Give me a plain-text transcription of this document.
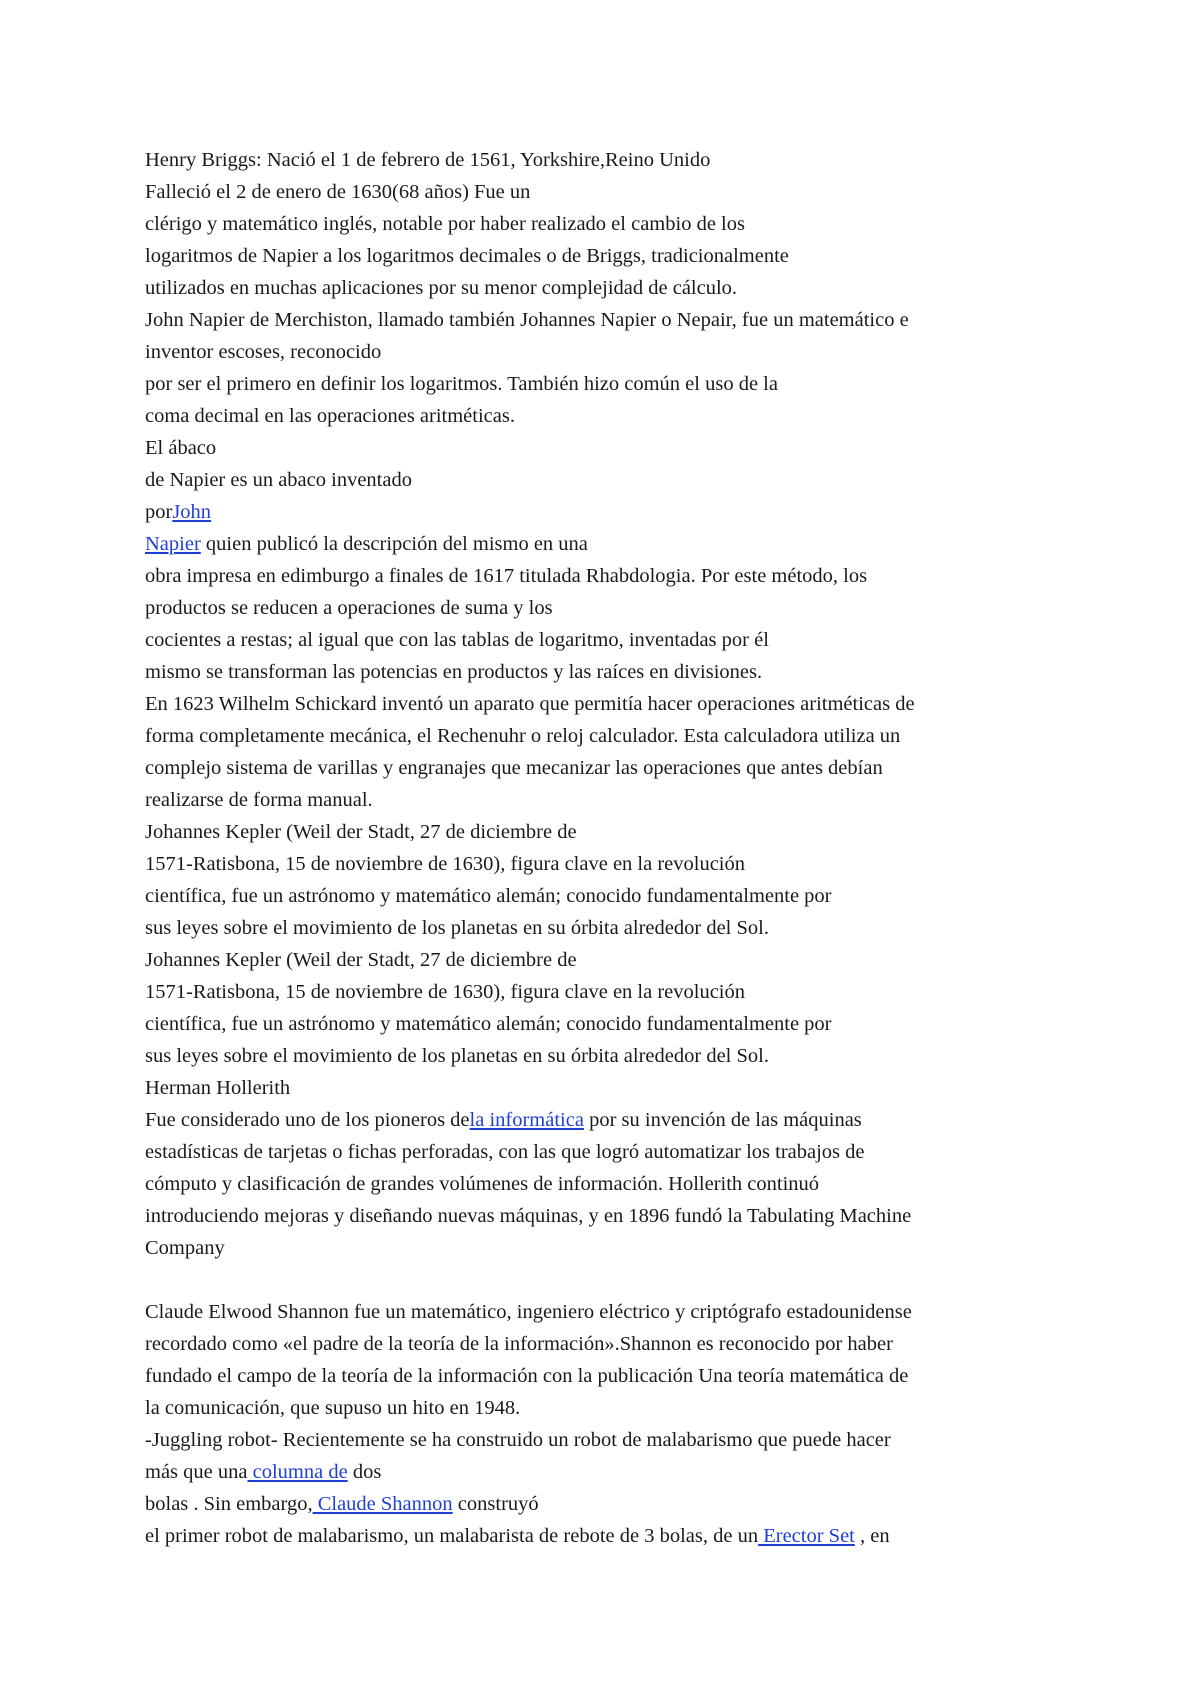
Henry Briggs: Nació el 1 de febrero de 1561, Yorkshire,Reino Unido
Falleció el 2 de enero de 1630(68 años) Fue un
clérigo y matemático inglés, notable por haber realizado el cambio de los
logaritmos de Napier a los logaritmos decimales o de Briggs, tradicionalmente
utilizados en muchas aplicaciones por su menor complejidad de cálculo.
John Napier de Merchiston, llamado también Johannes Napier o Nepair, fue un matemático e
inventor escoses, reconocido
por ser el primero en definir los logaritmos. También hizo común el uso de la
coma decimal en las operaciones aritméticas.
El ábaco
de Napier es un abaco inventado
porJohn
Napier quien publicó la descripción del mismo en una
obra impresa en edimburgo a finales de 1617 titulada Rhabdologia. Por este método, los
productos se reducen a operaciones de suma y los
cocientes a restas; al igual que con las tablas de logaritmo, inventadas por él
mismo se transforman las potencias en productos y las raíces en divisiones.
En 1623 Wilhelm Schickard inventó un aparato que permitía hacer operaciones aritméticas de
forma completamente mecánica, el Rechenuhr o reloj calculador. Esta calculadora utiliza un
complejo sistema de varillas y engranajes que mecanizar las operaciones que antes debían
realizarse de forma manual.
Johannes Kepler (Weil der Stadt, 27 de diciembre de
1571-Ratisbona, 15 de noviembre de 1630), figura clave en la revolución
científica, fue un astrónomo y matemático alemán; conocido fundamentalmente por
sus leyes sobre el movimiento de los planetas en su órbita alrededor del Sol.
Johannes Kepler (Weil der Stadt, 27 de diciembre de
1571-Ratisbona, 15 de noviembre de 1630), figura clave en la revolución
científica, fue un astrónomo y matemático alemán; conocido fundamentalmente por
sus leyes sobre el movimiento de los planetas en su órbita alrededor del Sol.
Herman Hollerith
Fue considerado uno de los pioneros dela informática por su invención de las máquinas
estadísticas de tarjetas o fichas perforadas, con las que logró automatizar los trabajos de
cómputo y clasificación de grandes volúmenes de información. Hollerith continuó
introduciendo mejoras y diseñando nuevas máquinas, y en 1896 fundó la Tabulating Machine
Company
Claude Elwood Shannon fue un matemático, ingeniero eléctrico y criptógrafo estadounidense
recordado como «el padre de la teoría de la información».Shannon es reconocido por haber
fundado el campo de la teoría de la información con la publicación Una teoría matemática de
la comunicación, que supuso un hito en 1948.
-Juggling robot- Recientemente se ha construido un robot de malabarismo que puede hacer
más que una columna de dos
bolas . Sin embargo, Claude Shannon construyó
el primer robot de malabarismo, un malabarista de rebote de 3 bolas, de un Erector Set , en
